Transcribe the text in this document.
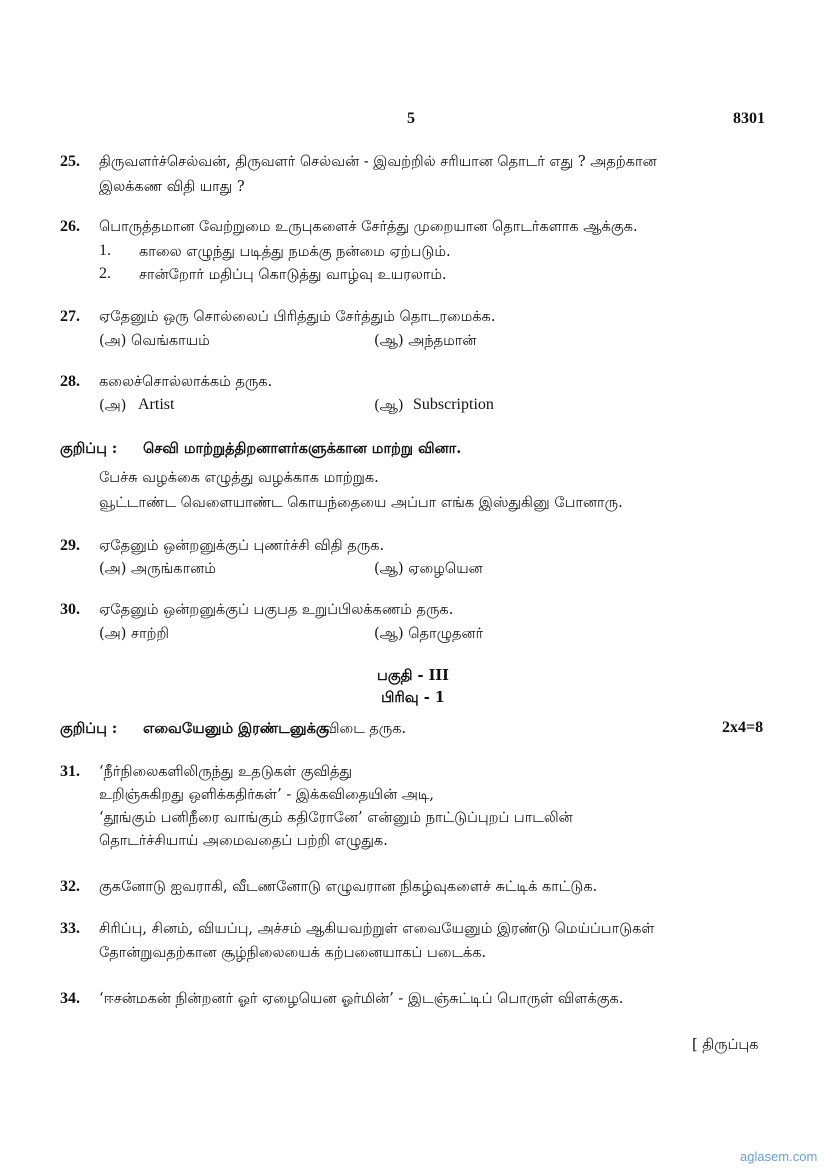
5	8301
25. திருவளர்ச்செல்வன், திருவளர் செல்வன் - இவற்றில் சரியான தொடர் எது ? அதற்கான
இலக்கண விதி யாது ?
26. பொருத்தமான வேற்றுமை உருபுகளைச் சேர்த்து முறையான தொடர்களாக ஆக்குக.
1. காலை எழுந்து படித்து நமக்கு நன்மை ஏற்படும்.
2. சான்றோர் மதிப்பு கொடுத்து வாழ்வு உயரலாம்.
27. ஏதேனும் ஒரு சொல்லைப் பிரித்தும் சேர்த்தும் தொடரமைக்க.
(அ) வெங்காயம்	(ஆ) அந்தமான்
28. கலைச்சொல்லாக்கம் தருக.
(அ) Artist	(ஆ) Subscription
குறிப்பு : செவி மாற்றுத்திறனாளர்களுக்கான மாற்று வினா.
பேச்சு வழக்கை எழுத்து வழக்காக மாற்றுக.
வூட்டாண்ட வெளையாண்ட கொயந்தையை அப்பா எங்க இஸ்துகினு போனாரு.
29. ஏதேனும் ஒன்றனுக்குப் புணர்ச்சி விதி தருக.
(அ) அருங்கானம்	(ஆ) ஏழையென
30. ஏதேனும் ஒன்றனுக்குப் பகுபத உறுப்பிலக்கணம் தருக.
(அ) சாற்றி	(ஆ) தொழுதனர்
பகுதி - III
பிரிவு - 1
குறிப்பு : எவையேனும் இரண்டனுக்கு
விடை தருக.	2x4=8
31. ‘நீர்நிலைகளிலிருந்து உதடுகள் குவித்து
உறிஞ்சுகிறது ஒளிக்கதிர்கள்’ - இக்கவிதையின் அடி,
‘தூங்கும் பனிநீரை வாங்கும் கதிரோனே’ என்னும் நாட்டுப்புறப் பாடலின்
தொடர்ச்சியாய் அமைவதைப் பற்றி எழுதுக.
32. குகனோடு ஐவராகி, வீடணனோடு எழுவரான நிகழ்வுகளைச் சுட்டிக் காட்டுக.
33. சிரிப்பு, சினம், வியப்பு, அச்சம் ஆகியவற்றுள் எவையேனும் இரண்டு மெய்ப்பாடுகள்
தோன்றுவதற்கான சூழ்நிலையைக் கற்பனையாகப் படைக்க.
34. ‘ஈசன்மகன் நின்றனர் ஓர் ஏழையென ஓர்மின்’ - இடஞ்சுட்டிப் பொருள் விளக்குக.
[ திருப்புக
aglasem.com
